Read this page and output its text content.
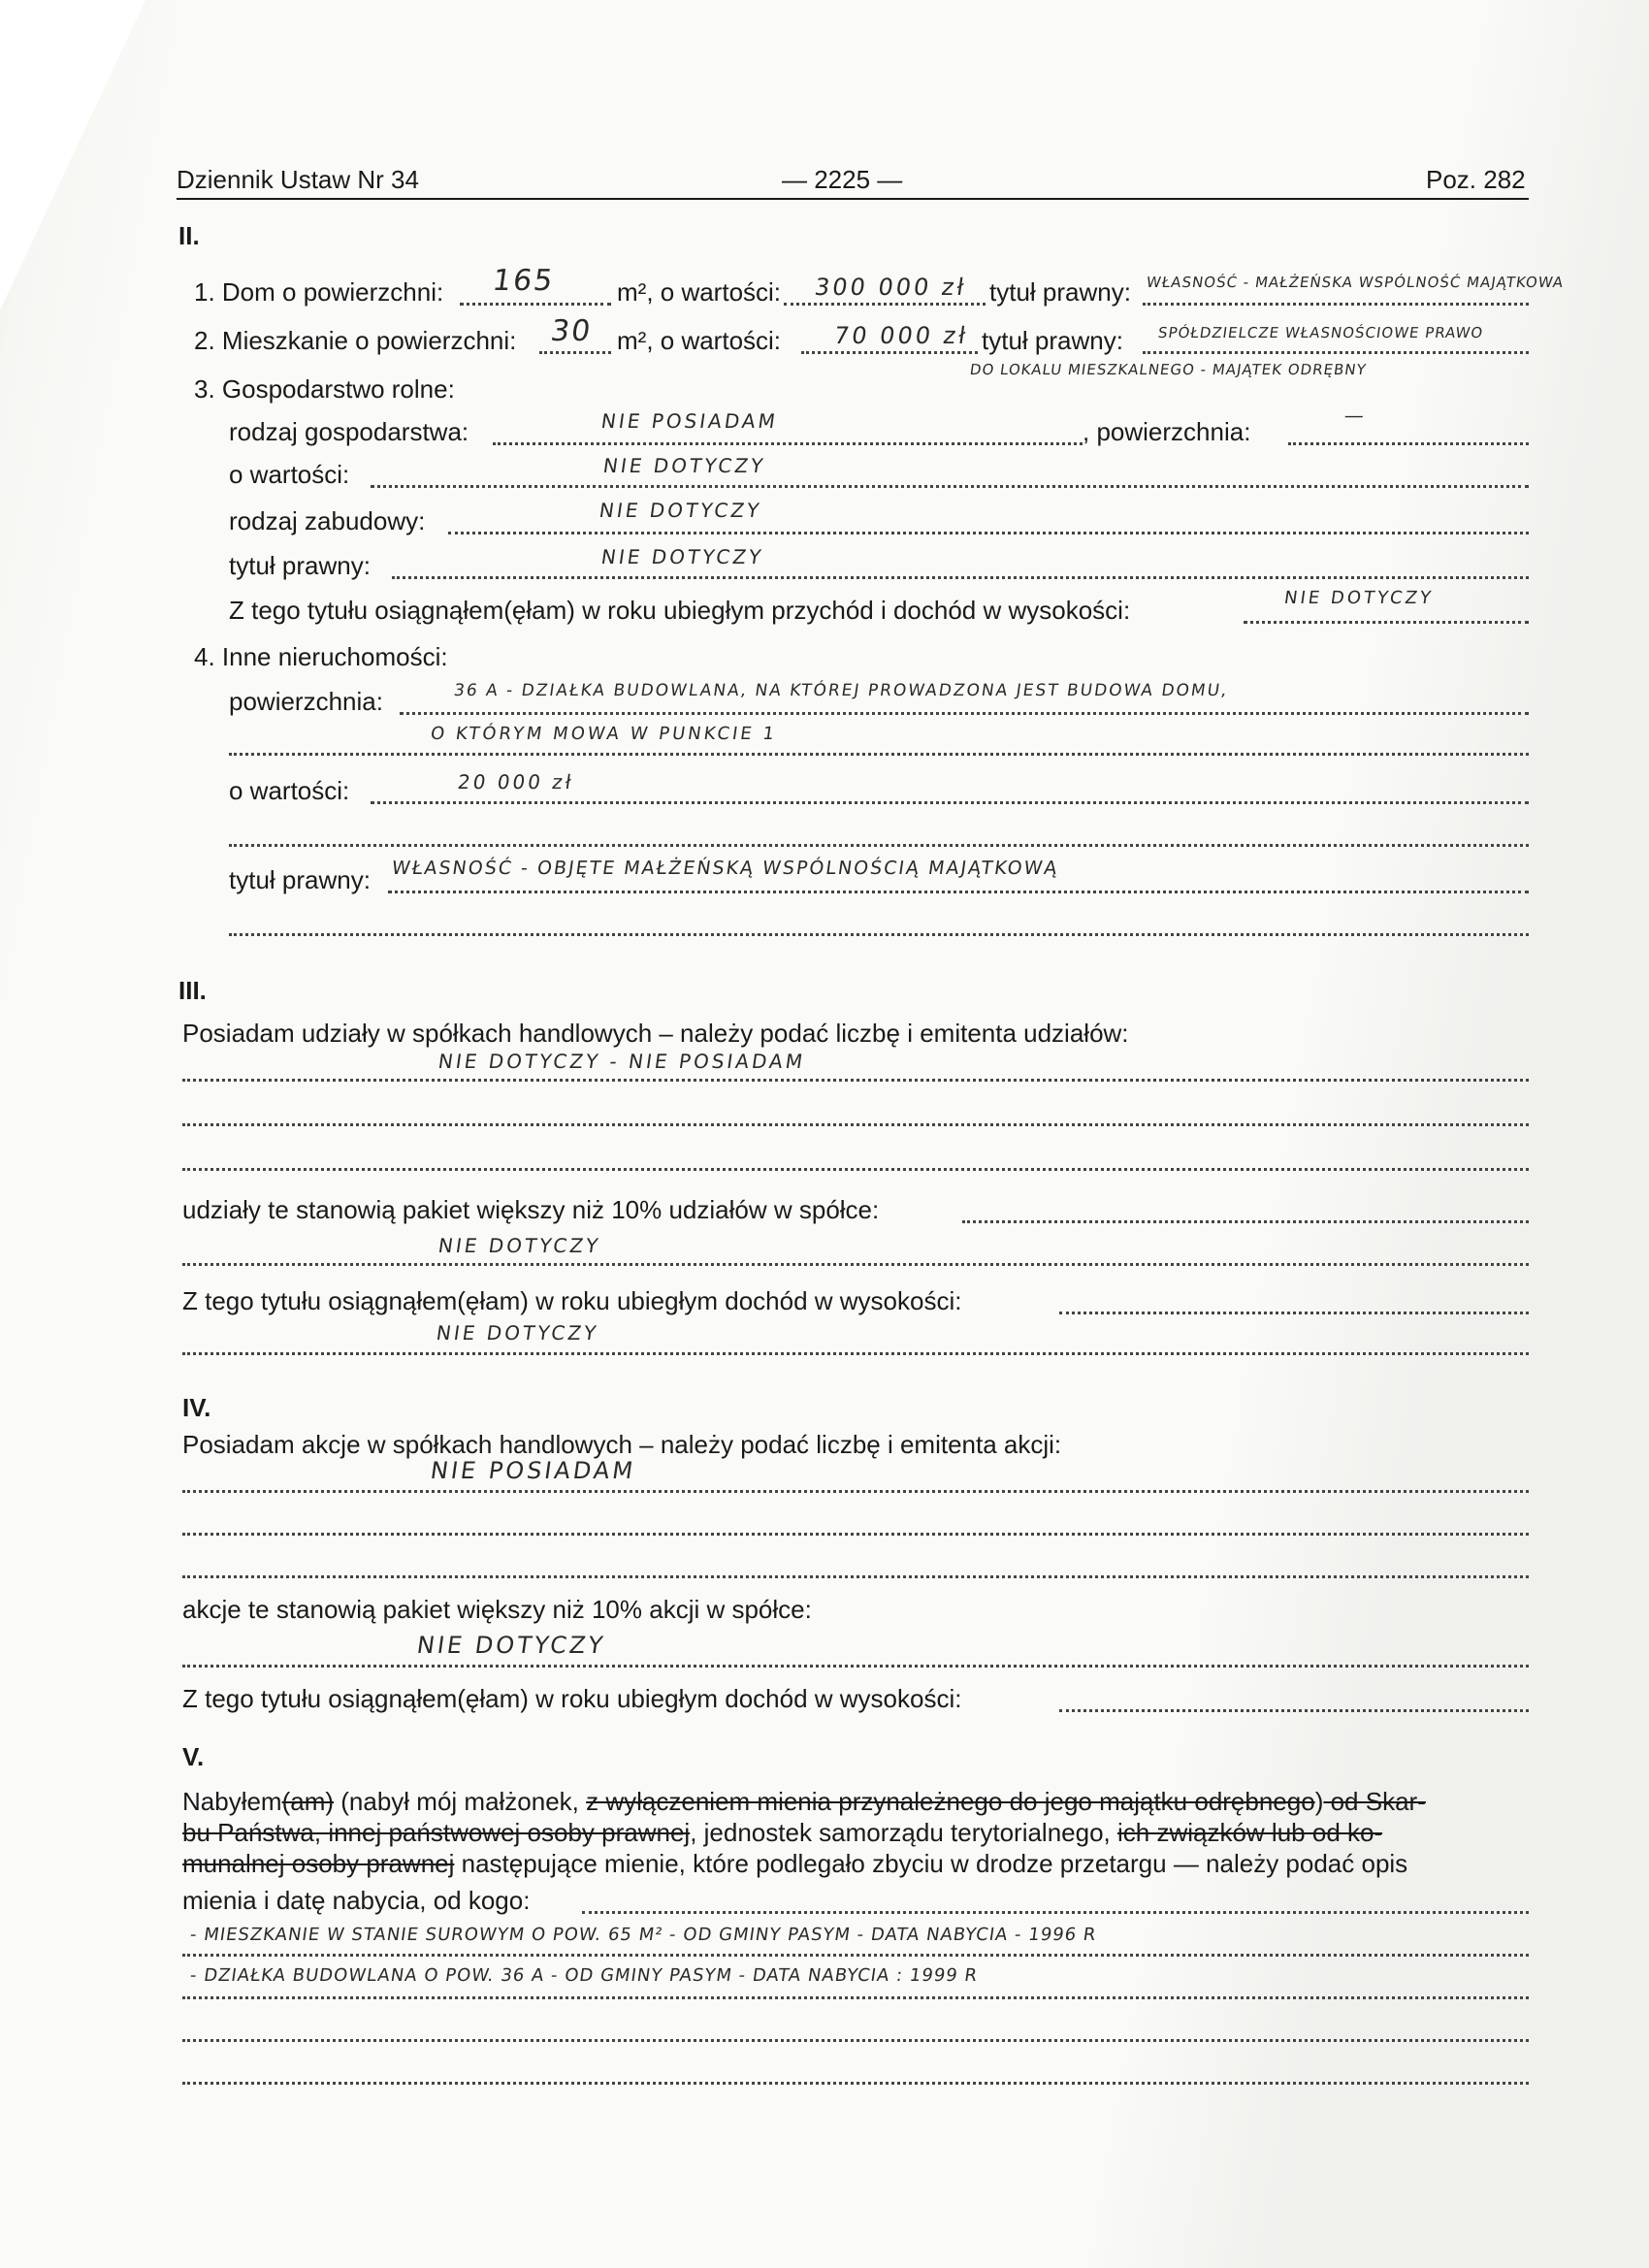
Dziennik Ustaw Nr 34	— 2225 —	Poz. 282
II.
1. Dom o powierzchni: 165 m², o wartości: 300 000 zł tytuł prawny: WŁASNOŚĆ - MAŁŻEŃSKA WSPÓLNOŚĆ MAJĄTKOWA
2. Mieszkanie o powierzchni: 30 m², o wartości: 70 000 zł tytuł prawny: SPÓŁDZIELCZE WŁASNOŚCIOWE PRAWO
DO LOKALU MIESZKALNEGO - MAJĄTEK ODRĘBNY
3. Gospodarstwo rolne:
rodzaj gospodarstwa:	NIE POSIADAM	, powierzchnia:
—
o wartości:	NIE DOTYCZY
rodzaj zabudowy:	NIE DOTYCZY
tytuł prawny:	NIE DOTYCZY
Z tego tytułu osiągnąłem(ęłam) w roku ubiegłym przychód i dochód w wysokości:	NIE DOTYCZY
4. Inne nieruchomości:
powierzchnia:	36 A - DZIAŁKA BUDOWLANA, NA KTÓREJ PROWADZONA JEST BUDOWA DOMU,
O KTÓRYM MOWA W PUNKCIE 1
o wartości:	20 000 zł
tytuł prawny: WŁASNOŚĆ - OBJĘTE MAŁŻEŃSKĄ WSPÓLNOŚCIĄ MAJĄTKOWĄ
III.
Posiadam udziały w spółkach handlowych – należy podać liczbę i emitenta udziałów:
NIE DOTYCZY - NIE POSIADAM
udziały te stanowią pakiet większy niż 10% udziałów w spółce:
NIE DOTYCZY
Z tego tytułu osiągnąłem(ęłam) w roku ubiegłym dochód w wysokości:
NIE DOTYCZY
IV.
Posiadam akcje w spółkach handlowych – należy podać liczbę i emitenta akcji:
NIE POSIADAM
akcje te stanowią pakiet większy niż 10% akcji w spółce:
NIE DOTYCZY
Z tego tytułu osiągnąłem(ęłam) w roku ubiegłym dochód w wysokości:
V.
Nabyłem(am) (nabył mój małżonek, z wyłączeniem mienia przynależnego do jego majątku odrębnego) od Skar-
bu Państwa, innej państwowej osoby prawnej, jednostek samorządu terytorialnego, ich związków lub od ko-
munalnej osoby prawnej następujące mienie, które podlegało zbyciu w drodze przetargu — należy podać opis
mienia i datę nabycia, od kogo:
- MIESZKANIE W STANIE SUROWYM O POW. 65 M² - OD GMINY PASYM - DATA NABYCIA - 1996 R
- DZIAŁKA BUDOWLANA O POW. 36 A - OD GMINY PASYM - DATA NABYCIA : 1999 R
